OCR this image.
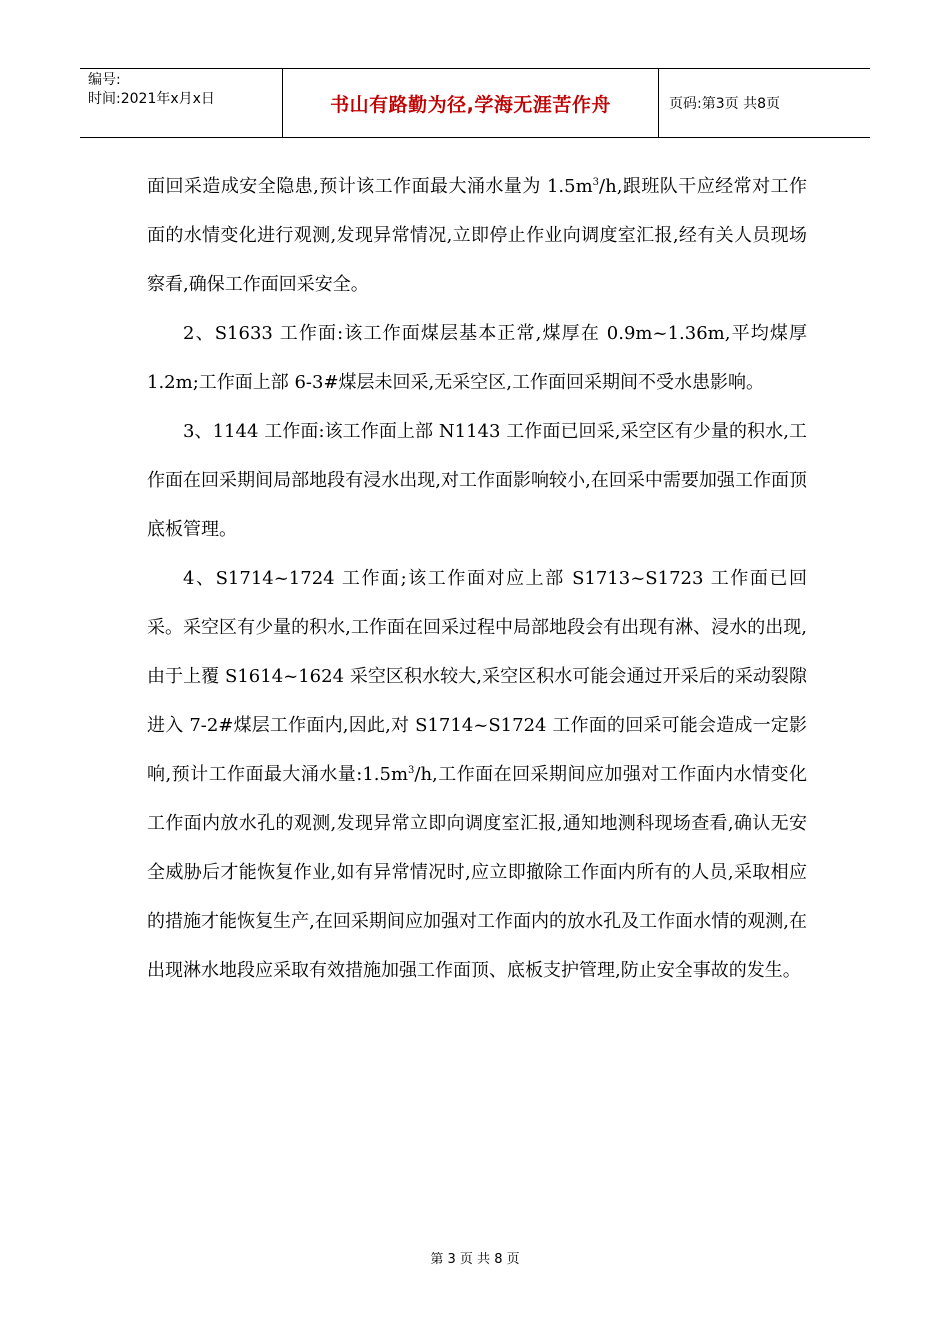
编号:
时间:2021年x月x日	书山有路勤为径,学海无涯苦作舟	页码:第3页 共8页

面回采造成安全隐患,预计该工作面最大涌水量为 $1.5m^3/h$,跟班队干应经常对工作面的水情变化进行观测,发现异常情况,立即停止作业向调度室汇报,经有关人员现场察看,确保工作面回采安全。

2、S1633 工作面:该工作面煤层基本正常,煤厚在 0.9m~1.36m,平均煤厚 1.2m;工作面上部 6-3#煤层未回采,无采空区,工作面回采期间不受水患影响。

3、1144 工作面:该工作面上部 N1143 工作面已回采,采空区有少量的积水,工作面在回采期间局部地段有浸水出现,对工作面影响较小,在回采中需要加强工作面顶底板管理。

4、S1714~1724 工作面;该工作面对应上部 S1713~S1723 工作面已回采。采空区有少量的积水,工作面在回采过程中局部地段会有出现有淋、浸水的出现,由于上覆 S1614~1624 采空区积水较大,采空区积水可能会通过开采后的采动裂隙进入 7-2#煤层工作面内,因此,对 S1714~S1724 工作面的回采可能会造成一定影响,预计工作面最大涌水量$:1.5m^3/h$,工作面在回采期间应加强对工作面内水情变化工作面内放水孔的观测,发现异常立即向调度室汇报,通知地测科现场查看,确认无安全威胁后才能恢复作业,如有异常情况时,应立即撤除工作面内所有的人员,采取相应的措施才能恢复生产,在回采期间应加强对工作面内的放水孔及工作面水情的观测,在出现淋水地段应采取有效措施加强工作面顶、底板支护管理,防止安全事故的发生。

第 3 页 共 8 页
